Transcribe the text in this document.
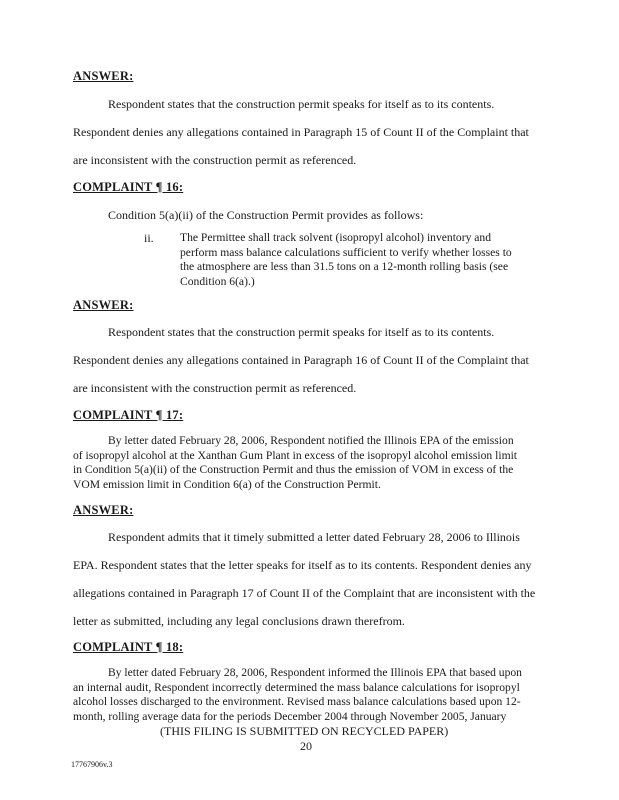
ANSWER:
Respondent states that the construction permit speaks for itself as to its contents.
Respondent denies any allegations contained in Paragraph 15 of Count II of the Complaint that
are inconsistent with the construction permit as referenced.
COMPLAINT ¶ 16:
Condition 5(a)(ii) of the Construction Permit provides as follows:
ii. The Permittee shall track solvent (isopropyl alcohol) inventory and

perform mass balance calculations sufficient to verify whether losses to

the atmosphere are less than 31.5 tons on a 12-month rolling basis (see

Condition 6(a).)

ANSWER:
Respondent states that the construction permit speaks for itself as to its contents.
Respondent denies any allegations contained in Paragraph 16 of Count II of the Complaint that
are inconsistent with the construction permit as referenced.
COMPLAINT ¶ 17:

By letter dated February 28, 2006, Respondent notified the Illinois EPA of the emission

of isopropyl alcohol at the Xanthan Gum Plant in excess of the isopropyl alcohol emission limit

in Condition 5(a)(ii) of the Construction Permit and thus the emission of VOM in excess of the

VOM emission limit in Condition 6(a) of the Construction Permit.

ANSWER:
Respondent admits that it timely submitted a letter dated February 28, 2006 to Illinois
EPA. Respondent states that the letter speaks for itself as to its contents. Respondent denies any
allegations contained in Paragraph 17 of Count II of the Complaint that are inconsistent with the
letter as submitted, including any legal conclusions drawn therefrom.
COMPLAINT ¶ 18:

By letter dated February 28, 2006, Respondent informed the Illinois EPA that based upon

an internal audit, Respondent incorrectly determined the mass balance calculations for isopropyl

alcohol losses discharged to the environment. Revised mass balance calculations based upon 12-

month, rolling average data for the periods December 2004 through November 2005, January

(THIS FILING IS SUBMITTED ON RECYCLED PAPER)
20
17767906v.3
